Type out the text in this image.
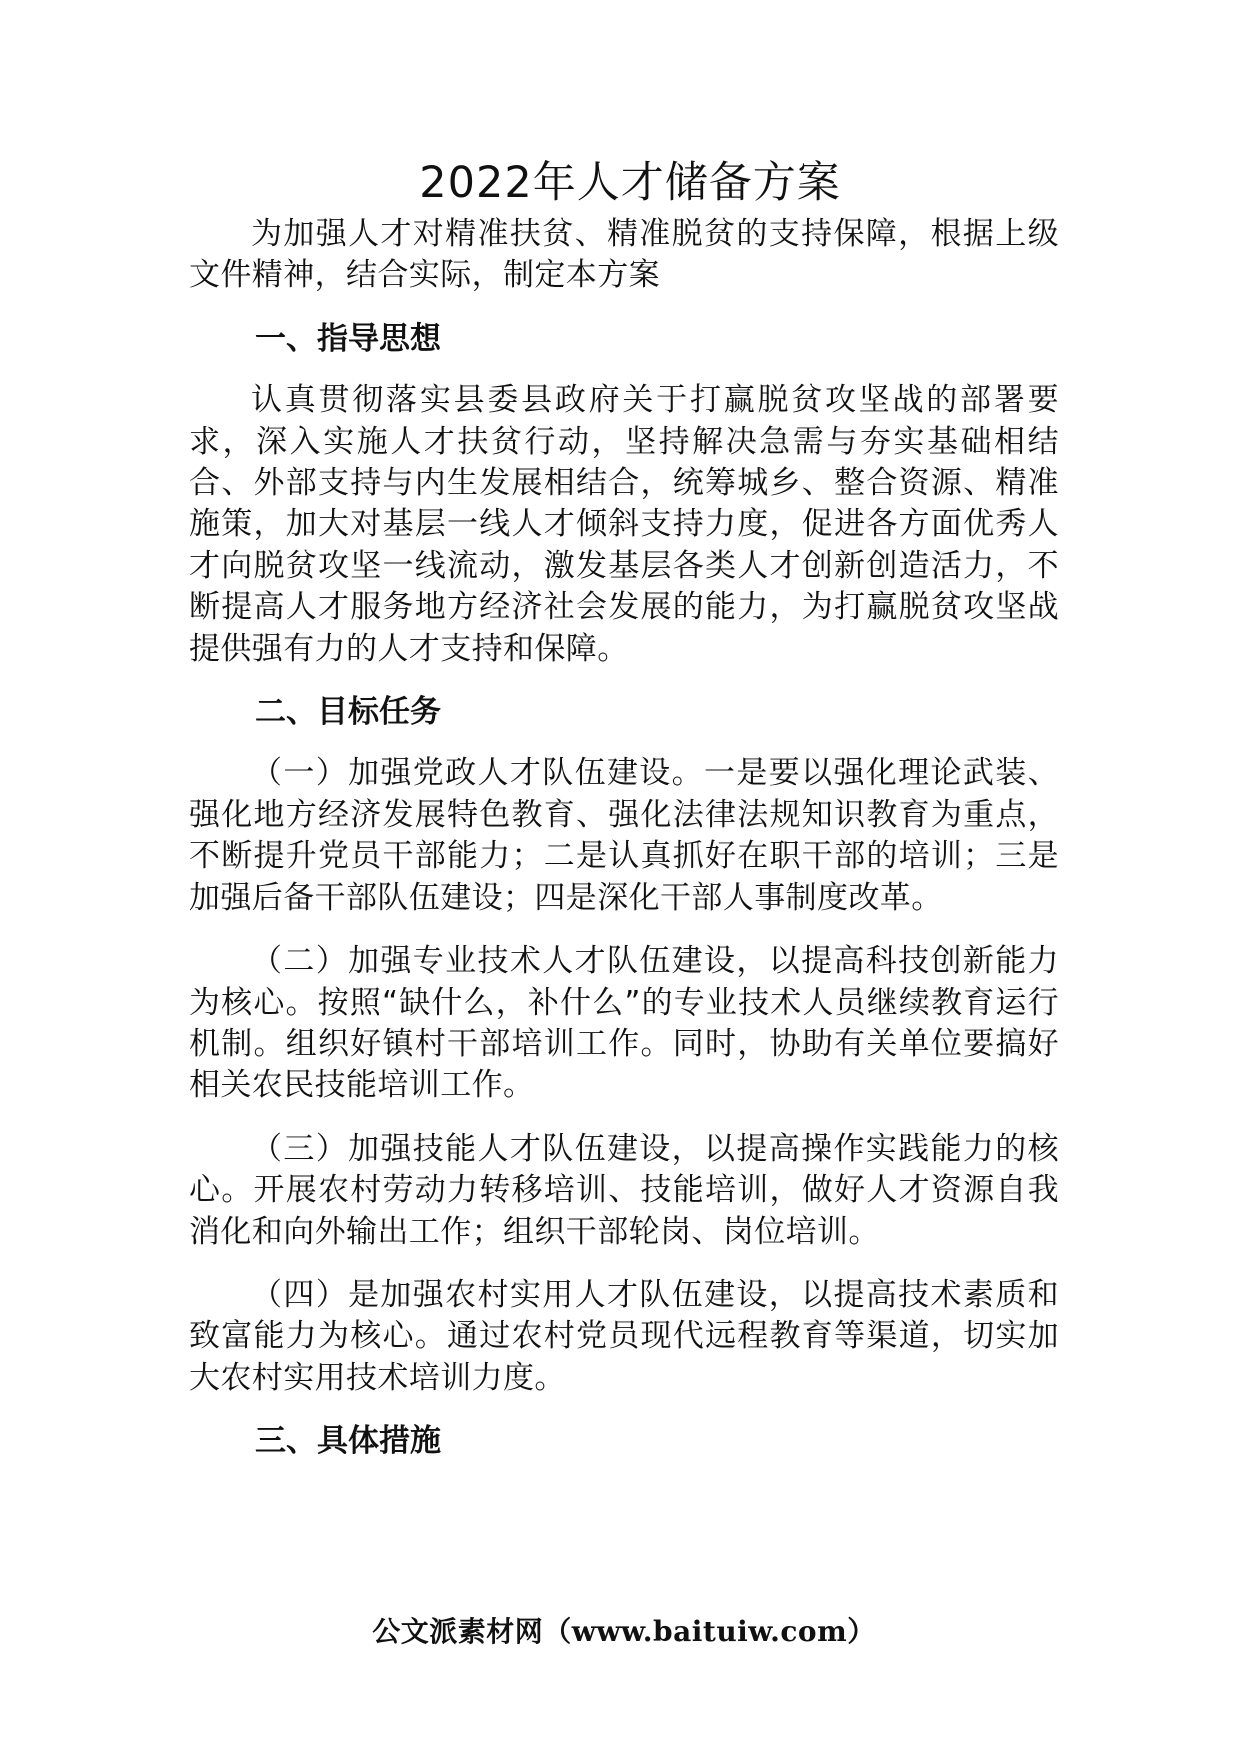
2022年人才储备方案

为加强人才对精准扶贫、精准脱贫的支持保障，根据上级文件精神，结合实际，制定本方案

一、指导思想

认真贯彻落实县委县政府关于打赢脱贫攻坚战的部署要求，深入实施人才扶贫行动，坚持解决急需与夯实基础相结合、外部支持与内生发展相结合，统筹城乡、整合资源、精准施策，加大对基层一线人才倾斜支持力度，促进各方面优秀人才向脱贫攻坚一线流动，激发基层各类人才创新创造活力，不断提高人才服务地方经济社会发展的能力，为打赢脱贫攻坚战提供强有力的人才支持和保障。

二、目标任务

（一）加强党政人才队伍建设。一是要以强化理论武装、强化地方经济发展特色教育、强化法律法规知识教育为重点，不断提升党员干部能力；二是认真抓好在职干部的培训；三是加强后备干部队伍建设；四是深化干部人事制度改革。

（二）加强专业技术人才队伍建设，以提高科技创新能力为核心。按照“缺什么，补什么”的专业技术人员继续教育运行机制。组织好镇村干部培训工作。同时，协助有关单位要搞好相关农民技能培训工作。

（三）加强技能人才队伍建设，以提高操作实践能力的核心。开展农村劳动力转移培训、技能培训，做好人才资源自我消化和向外输出工作；组织干部轮岗、岗位培训。

（四）是加强农村实用人才队伍建设，以提高技术素质和致富能力为核心。通过农村党员现代远程教育等渠道，切实加大农村实用技术培训力度。

三、具体措施
公文派素材网（www.baituiw.com）
